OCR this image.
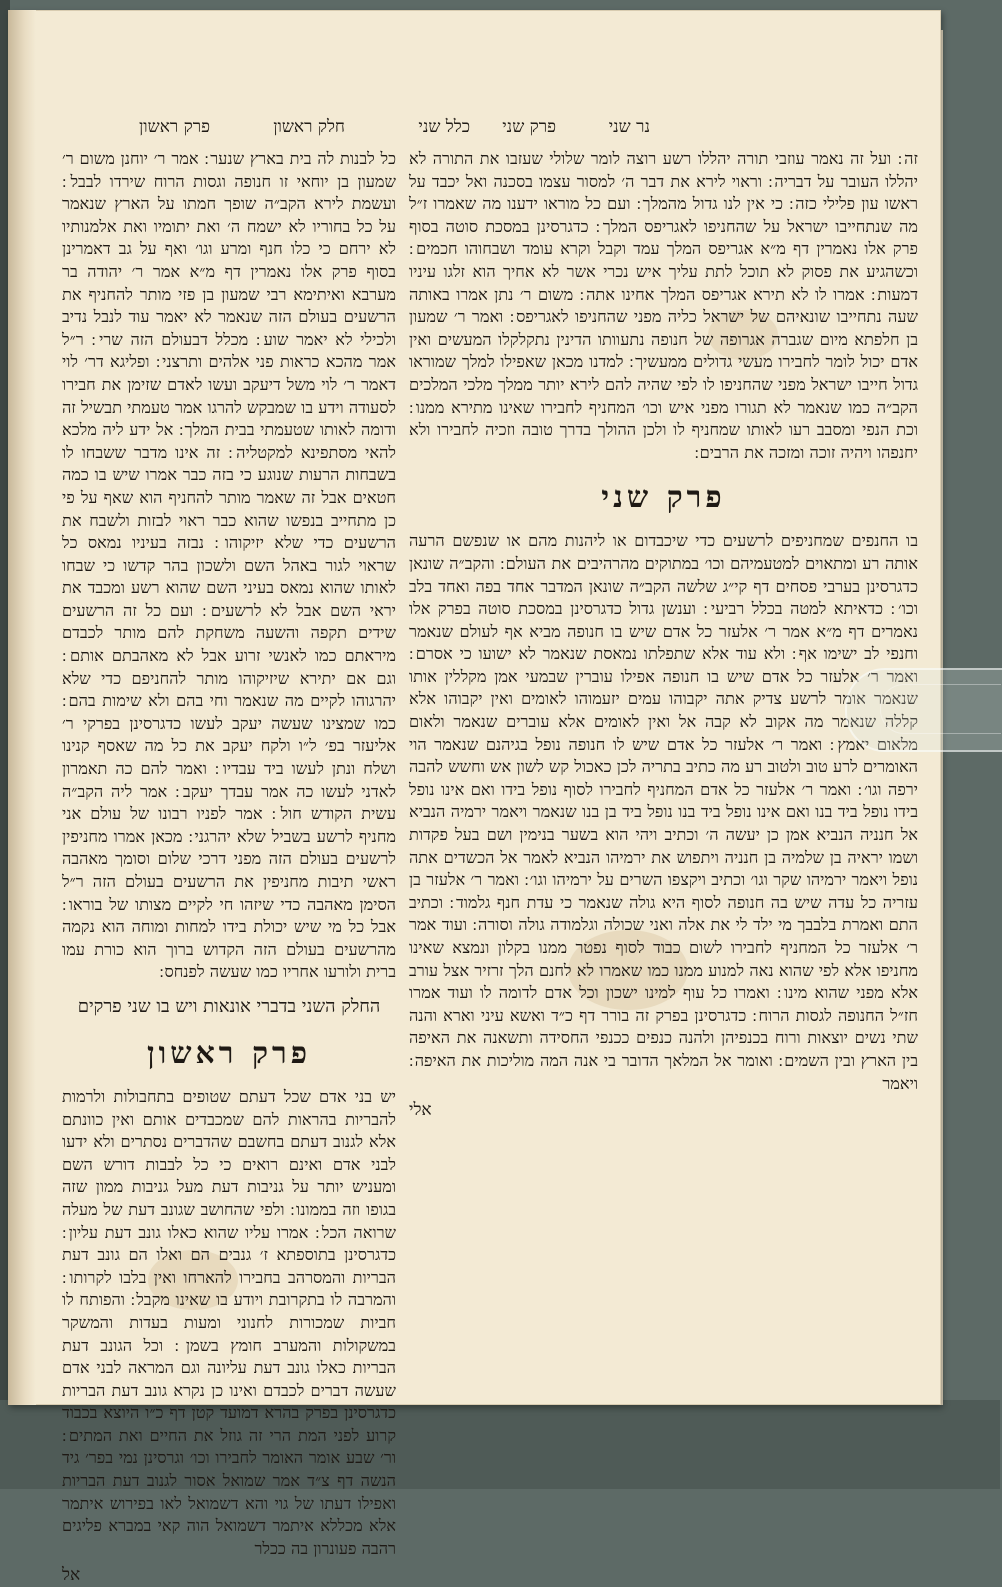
נר שני
פרק שני
כלל שני
חלק ראשון
פרק ראשון

זה ׃ ועל זה נאמר עוזבי תורה יהללו רשע רוצה לומר שלולי שעזבו את התורה לא יהללו העובר על דבריה ׃ וראוי לירא את דבר ה׳ למסור עצמו בסכנה ואל יכבד על ראשו עון פלילי כזה ׃ כי אין לנו גדול מהמלך ׃ ועם כל מוראו ידענו מה שאמרו ז״ל מה שנתחייבו ישראל על שהחניפו לאגריפס המלך ׃ כדגרסינן במסכת סוטה בסוף פרק אלו נאמרין דף מ״א אגריפס המלך עמד וקבל וקרא עומד ושבחוהו חכמים ׃ וכשהגיע את פסוק לא תוכל לתת עליך איש נכרי אשר לא אחיך הוא זלגו עיניו דמעות ׃ אמרו לו לא תירא אגריפס המלך אחינו אתה ׃ משום ר׳ נתן אמרו באותה שעה נתחייבו שונאיהם של ישראל כליה מפני שהחניפו לאגריפס ׃ ואמר ר׳ שמעון בן חלפתא מיום שגברה אגרופה של חנופה נתעוותו הדינין נתקלקלו המעשים ואין אדם יכול לומר לחבירו מעשי גדולים ממעשיך ׃ למדנו מכאן שאפילו למלך שמוראו גדול חייבו ישראל מפני שהחניפו לו לפי שהיה להם לירא יותר ממלך מלכי המלכים הקב״ה כמו שנאמר לא תגורו מפני איש וכו׳ המחניף לחבירו שאינו מתירא ממנו ׃ וכת הנפי ומסבב רעו לאותו שמחניף לו ולכן ההולך בדרך טובה וזכיה לחבירו ולא יחנפהו ויהיה זוכה ומזכה את הרבים ׃

פרק שני

בו החנפים שמחניפים לרשעים כדי שיכבדום או ליהנות מהם או שנפשם הרעה אותה רע ומתאוים למטעמיהם וכו׳ במתוקים מהרהיבים את העולם ׃ והקב״ה שונאן כדגרסינן בערבי פסחים דף קי״ג שלשה הקב״ה שונאן המדבר אחד בפה ואחד בלב וכו׳ ׃ כדאיתא למטה בכלל רביעי ׃ וענשן גדול כדגרסינן במסכת סוטה בפרק אלו נאמרים דף מ״א אמר ר׳ אלעזר כל אדם שיש בו חנופה מביא אף לעולם שנאמר וחנפי לב ישימו אף ׃ ולא עוד אלא שתפלתו נמאסת שנאמר לא ישועו כי אסרם ׃ ואמר ר׳ אלעזר כל אדם שיש בו חנופה אפילו עוברין שבמעי אמן מקללין אותו שנאמר אומר לרשע צדיק אתה יקבוהו עמים יזעמוהו לאומים ואין יקבוהו אלא קללה שנאמר מה אקוב לא קבה אל ואין לאומים אלא עוברים שנאמר ולאום מלאום יאמץ ׃ ואמר ר׳ אלעזר כל אדם שיש לו חנופה נופל בגיהנם שנאמר הוי האומרים לרע טוב ולטוב רע מה כתיב בתריה לכן כאכול קש לשון אש וחשש להבה ירפה וגו׳ ׃ ואמר ר׳ אלעזר כל אדם המחניף לחבירו לסוף נופל בידו ואם אינו נופל בידו נופל ביד בנו ואם אינו נופל ביד בנו נופל ביד בן בנו שנאמר ויאמר ירמיה הנביא אל חנניה הנביא אמן כן יעשה ה׳ וכתיב ויהי הוא בשער בנימין ושם בעל פקדות ושמו יראיה בן שלמיה בן חנניה ויתפוש את ירמיהו הנביא לאמר אל הכשדים אתה נופל ויאמר ירמיהו שקר וגו׳ וכתיב ויקצפו השרים על ירמיהו וגו׳ ׃ ואמר ר׳ אלעזר בן עזריה כל עדה שיש בה חנופה לסוף היא גולה שנאמר כי עדת חנף גלמוד ׃ וכתיב התם ואמרת בלבבך מי ילד לי את אלה ואני שכולה וגלמודה גולה וסורה ׃ ועוד אמר ר׳ אלעזר כל המחניף לחבירו לשום כבוד לסוף נפטר ממנו בקלון ונמצא שאינו מחניפו אלא לפי שהוא נאה למנוע ממנו כמו שאמרו לא לחנם הלך זרזיר אצל עורב אלא מפני שהוא מינו ׃ ואמרו כל עוף למינו ישכון וכל אדם לדומה לו ועוד אמרו חז״ל החנופה לגסות הרוח ׃ כדגרסינן בפרק זה בורר דף כ״ד ואשא עיני וארא והנה שתי נשים יוצאות ורוח בכנפיהן ולהנה כנפים ככנפי החסידה ותשאנה את האיפה בין הארץ ובין השמים ׃ ואומר אל המלאך הדובר בי אנה המה מוליכות את האיפה ׃ ויאמר

אלי

כל לבנות לה בית בארץ שנער ׃ אמר ר׳ יוחנן משום ר׳ שמעון בן יוחאי זו חנופה וגסות הרוח שירדו לבבל ׃ ועשמת לירא הקב״ה שופך חמתו על הארץ שנאמר על כל בחוריו לא ישמח ה׳ ואת יתומיו ואת אלמנותיו לא ירחם כי כלו חנף ומרע וגו׳ ואף על גב דאמרינן בסוף פרק אלו נאמרין דף מ״א אמר ר׳ יהודה בר מערבא ואיתימא רבי שמעון בן פזי מותר להחניף את הרשעים בעולם הזה שנאמר לא יאמר עוד לנבל נדיב ולכילי לא יאמר שוע ׃ מכלל דבעולם הזה שרי ׃ ר״ל אמר מהכא כראות פני אלהים ותרצני ׃ ופליגא דר׳ לוי דאמר ר׳ לוי משל דיעקב ועשו לאדם שזימן את חבירו לסעודה וידע בו שמבקש להרגו אמר טעמתי תבשיל זה ודומה לאותו שטעמתי בבית המלך ׃ אל ידע ליה מלכא להאי מסתפינא למקטליה ׃ זה אינו מדבר ששבחו לו בשבחות הרעות שנוגע כי בזה כבר אמרו שיש בו כמה חטאים אבל זה שאמר מותר להחניף הוא שאף על פי כן מתחייב בנפשו שהוא כבר ראוי לבזות ולשבח את הרשעים כדי שלא יזיקוהו ׃ נבזה בעיניו נמאס כל שראוי לגור באהל השם ולשכון בהר קדשו כי שבחו לאותו שהוא נמאס בעיני השם שהוא רשע ומכבד את יראי השם אבל לא לרשעים ׃ ועם כל זה הרשעים שידים תקפה והשעה משחקת להם מותר לכבדם מיראתם כמו לאנשי זרוע אבל לא מאהבתם אותם ׃ וגם אם יתירא שיזיקוהו מותר להחניפם כדי שלא יהרגוהו לקיים מה שנאמר וחי בהם ולא שימות בהם ׃ כמו שמצינו שעשה יעקב לעשו כדגרסינן בפרקי ר׳ אליעזר בפ׳ ל״ו ולקח יעקב את כל מה שאסף קנינו ושלח ונתן לעשו ביד עבדיו ׃ ואמר להם כה תאמרון לאדני לעשו כה אמר עבדך יעקב ׃ אמר ליה הקב״ה עשית הקודש חול ׃ אמר לפניו רבונו של עולם אני מחניף לרשע בשביל שלא יהרגני ׃ מכאן אמרו מחניפין לרשעים בעולם הזה מפני דרכי שלום וסומך מאהבה ראשי תיבות מחניפין את הרשעים בעולם הזה ר״ל הסימן מאהבה כדי שיזהו חי לקיים מצותו של בוראו ׃ אבל כל מי שיש יכולת בידו למחות ומוחה הוא נקמה מהרשעים בעולם הזה הקדוש ברוך הוא כורת עמו ברית ולורעו אחריו כמו שעשה לפנחס ׃

החלק השני בדברי אונאות ויש בו שני פרקים
פרק ראשון

יש בני אדם שכל דעתם שטופים בתחבולות ולרמות להבריות בהראות להם שמכבדים אותם ואין כוונתם אלא לגנוב דעתם בחשבם שהדברים נסתרים ולא ידעו לבני אדם ואינם רואים כי כל לבבות דורש השם ומעניש יותר על גניבות דעת מעל גניבות ממון שזה בגופו וזה בממונו ׃ ולפי שהחושב שגונב דעת של מעלה שרואה הכל ׃ אמרו עליו שהוא כאלו גונב דעת עליון ׃ כדגרסינן בתוספתא ז׳ גנבים הם ואלו הם גונב דעת הבריות והמסרהב בחבירו להארחו ואין בלבו לקרותו ׃ והמרבה לו בתקרובת ויודע בו שאינו מקבל ׃ והפותח לו חביות שמכורות לחנוני ומעות בעדות והמשקר במשקולות והמערב חומץ בשמן ׃ וכל הגונב דעת הבריות כאלו גונב דעת עליונה וגם המראה לבני אדם שעשה דברים לכבדם ואינו כן נקרא גונב דעת הבריות כדגרסינן בפרק בהרא דמועד קטן דף כ״ו היוצא בכבוד קרוע לפני המת הרי זה גוזל את החיים ואת המתים ׃ ור׳ שבע אומר האומר לחבירו וכו׳ וגרסינן נמי בפר׳ גיד הנשה דף צ״ד אמר שמואל אסור לגנוב דעת הבריות ואפילו דעתו של גוי והא דשמואל לאו בפירוש איתמר אלא מכללא איתמר דשמואל הוה קאי במברא פליגים רהבה פעונרון בה ככלר

אל
